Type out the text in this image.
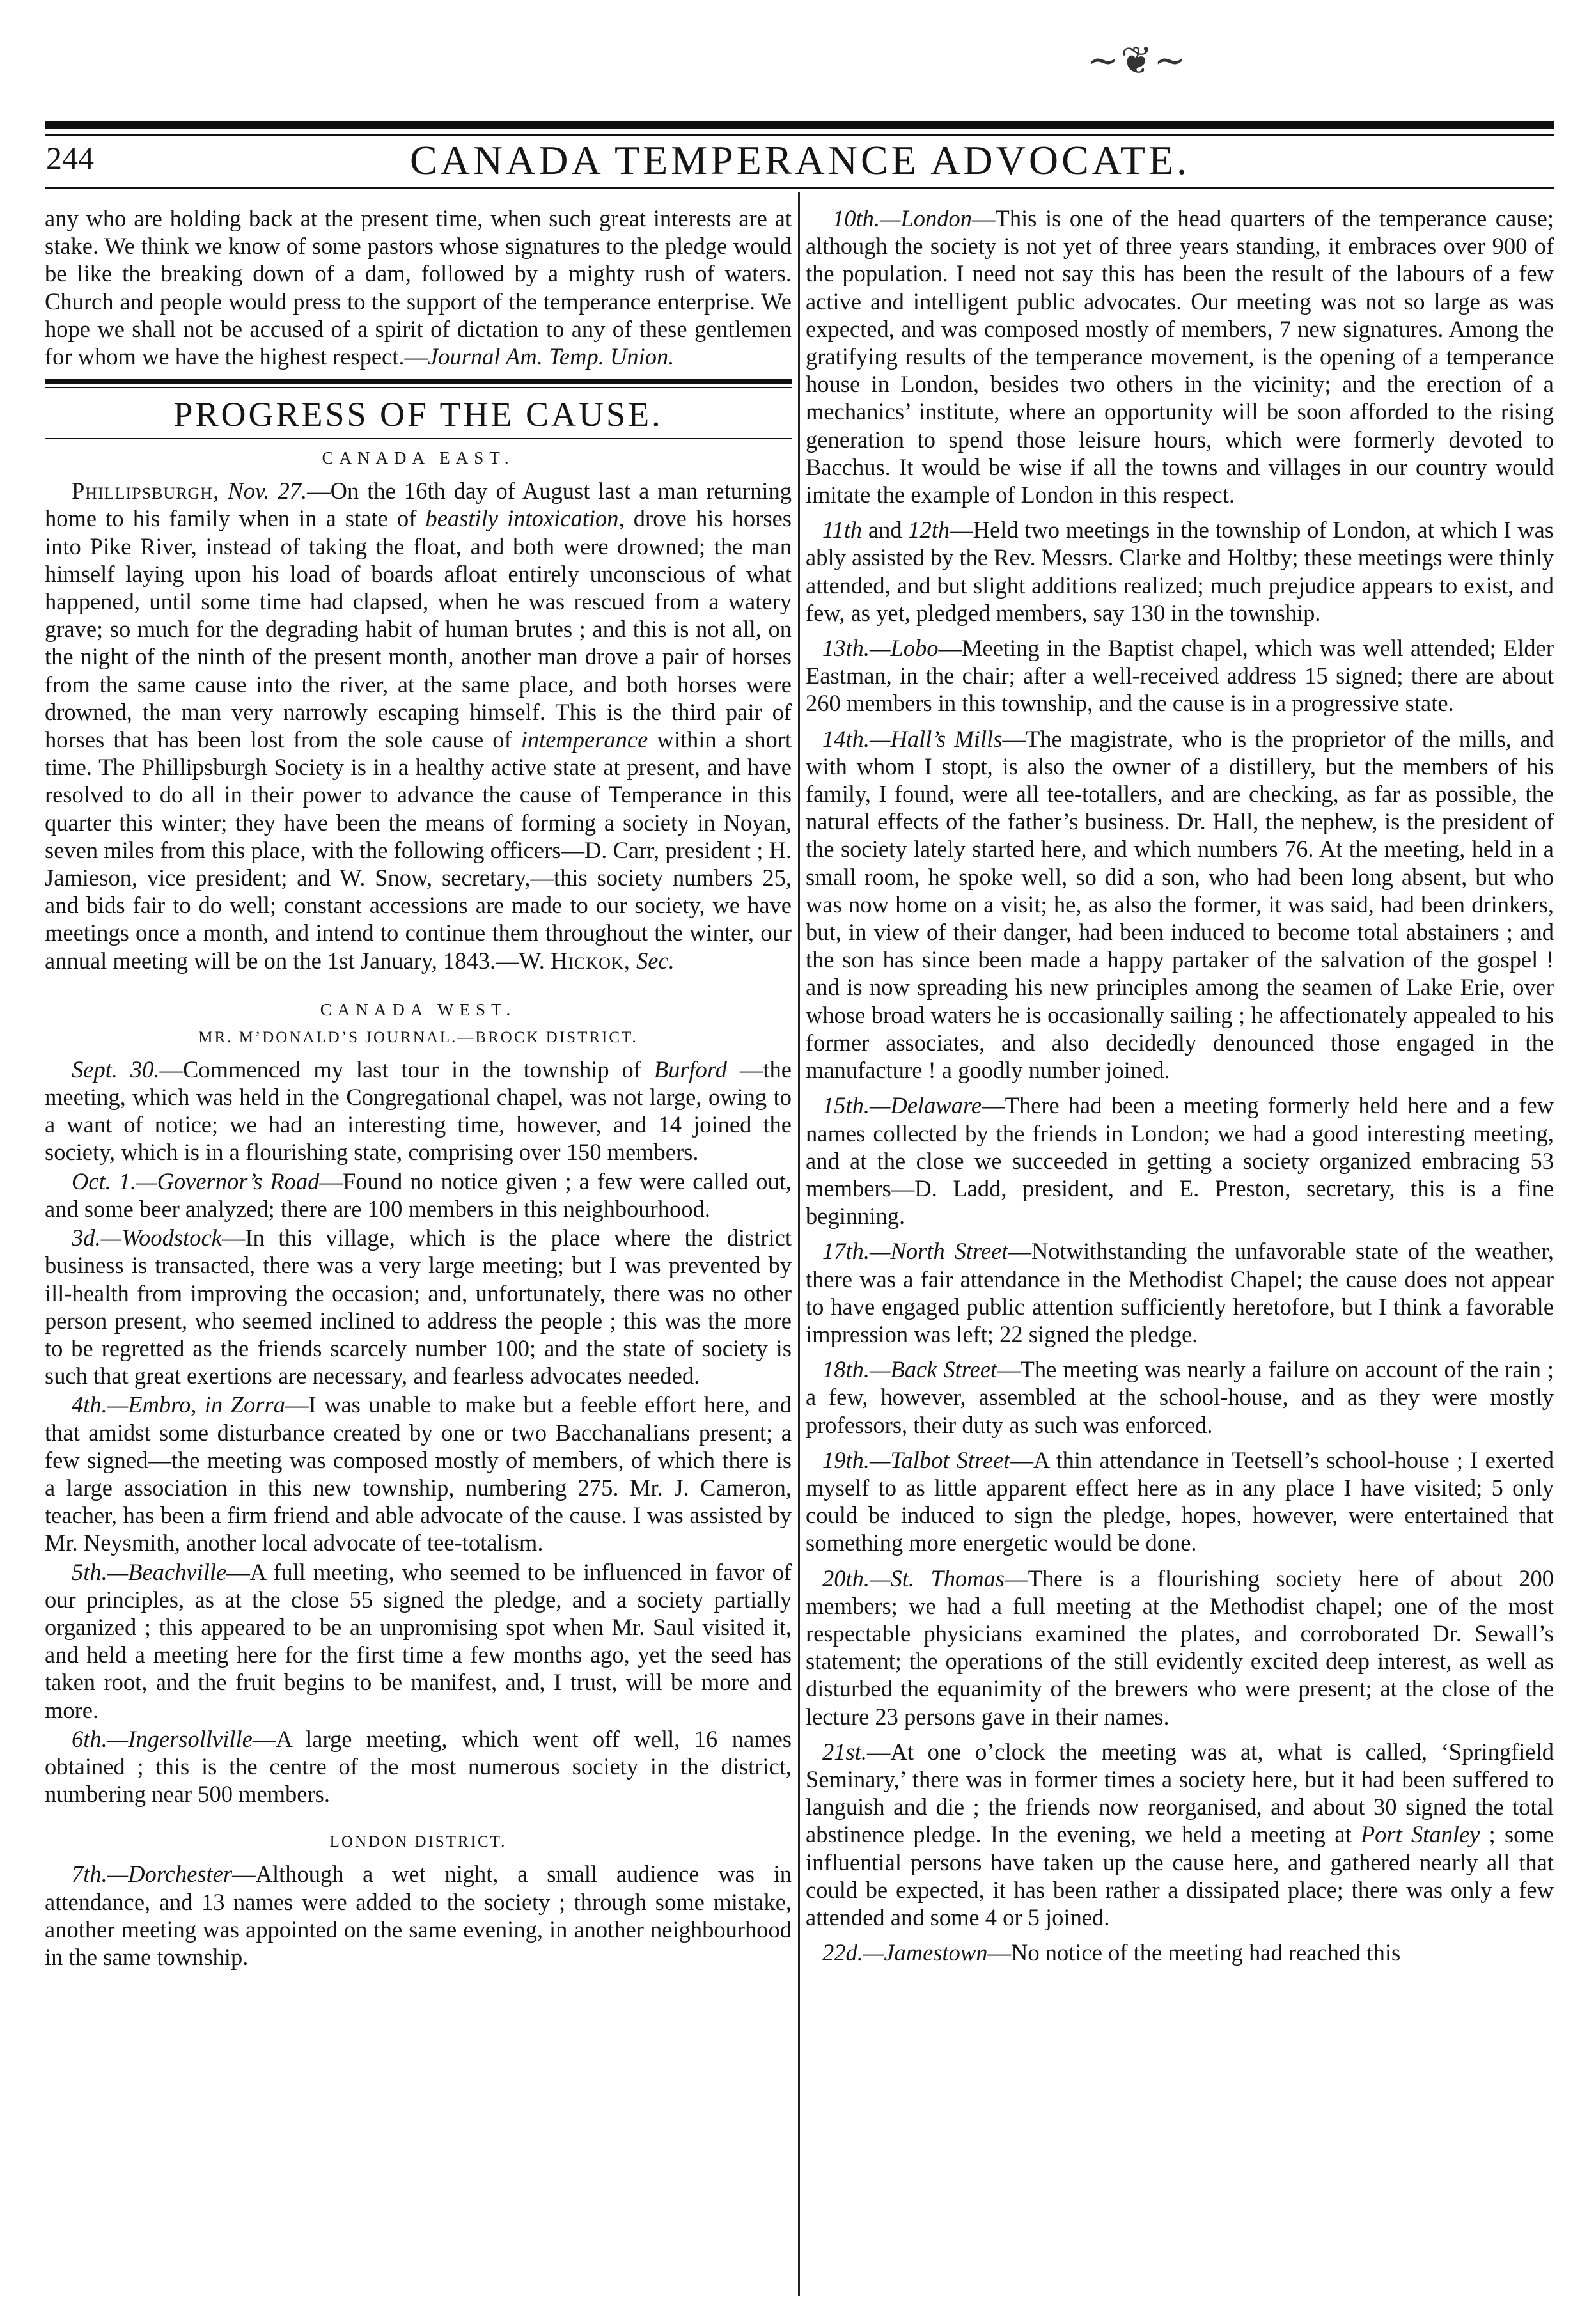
~❦~
244	CANADA TEMPERANCE ADVOCATE.

any who are holding back at the present time, when such great interests are at stake. We think we know of some pastors whose signatures to the pledge would be like the breaking down of a dam, followed by a mighty rush of waters. Church and people would press to the support of the temperance enterprise. We hope we shall not be accused of a spirit of dictation to any of these gentlemen for whom we have the highest respect.—Journal Am. Temp. Union.

PROGRESS OF THE CAUSE.
CANADA EAST.

Phillipsburgh, Nov. 27.—On the 16th day of August last a man returning home to his family when in a state of beastily intoxication, drove his horses into Pike River, instead of taking the float, and both were drowned; the man himself laying upon his load of boards afloat entirely unconscious of what happened, until some time had clapsed, when he was rescued from a watery grave; so much for the degrading habit of human brutes ; and this is not all, on the night of the ninth of the present month, another man drove a pair of horses from the same cause into the river, at the same place, and both horses were drowned, the man very narrowly escaping himself. This is the third pair of horses that has been lost from the sole cause of intemperance within a short time. The Phillipsburgh Society is in a healthy active state at present, and have resolved to do all in their power to advance the cause of Temperance in this quarter this winter; they have been the means of forming a society in Noyan, seven miles from this place, with the following officers—D. Carr, president ; H. Jamieson, vice president; and W. Snow, secretary,—this society numbers 25, and bids fair to do well; constant accessions are made to our society, we have meetings once a month, and intend to continue them throughout the winter, our annual meeting will be on the 1st January, 1843.—W. Hickok, Sec.

CANADA WEST.
MR. M’DONALD’S JOURNAL.—BROCK DISTRICT.

Sept. 30.—Commenced my last tour in the township of Burford —the meeting, which was held in the Congregational chapel, was not large, owing to a want of notice; we had an interesting time, however, and 14 joined the society, which is in a flourishing state, comprising over 150 members.

Oct. 1.—Governor’s Road—Found no notice given ; a few were called out, and some beer analyzed; there are 100 members in this neighbourhood.

3d.—Woodstock—In this village, which is the place where the district business is transacted, there was a very large meeting; but I was prevented by ill-health from improving the occasion; and, unfortunately, there was no other person present, who seemed inclined to address the people ; this was the more to be regretted as the friends scarcely number 100; and the state of society is such that great exertions are necessary, and fearless advocates needed.

4th.—Embro, in Zorra—I was unable to make but a feeble effort here, and that amidst some disturbance created by one or two Bacchanalians present; a few signed—the meeting was composed mostly of members, of which there is a large association in this new township, numbering 275. Mr. J. Cameron, teacher, has been a firm friend and able advocate of the cause. I was assisted by Mr. Neysmith, another local advocate of tee-totalism.

5th.—Beachville—A full meeting, who seemed to be influenced in favor of our principles, as at the close 55 signed the pledge, and a society partially organized ; this appeared to be an unpromising spot when Mr. Saul visited it, and held a meeting here for the first time a few months ago, yet the seed has taken root, and the fruit begins to be manifest, and, I trust, will be more and more.

6th.—Ingersollville—A large meeting, which went off well, 16 names obtained ; this is the centre of the most numerous society in the district, numbering near 500 members.

LONDON DISTRICT.

7th.—Dorchester—Although a wet night, a small audience was in attendance, and 13 names were added to the society ; through some mistake, another meeting was appointed on the same evening, in another neighbourhood in the same township.

10th.—London—This is one of the head quarters of the temperance cause; although the society is not yet of three years standing, it embraces over 900 of the population. I need not say this has been the result of the labours of a few active and intelligent public advocates. Our meeting was not so large as was expected, and was composed mostly of members, 7 new signatures. Among the gratifying results of the temperance movement, is the opening of a temperance house in London, besides two others in the vicinity; and the erection of a mechanics’ institute, where an opportunity will be soon afforded to the rising generation to spend those leisure hours, which were formerly devoted to Bacchus. It would be wise if all the towns and villages in our country would imitate the example of London in this respect.

11th and 12th—Held two meetings in the township of London, at which I was ably assisted by the Rev. Messrs. Clarke and Holtby; these meetings were thinly attended, and but slight additions realized; much prejudice appears to exist, and few, as yet, pledged members, say 130 in the township.

13th.—Lobo—Meeting in the Baptist chapel, which was well attended; Elder Eastman, in the chair; after a well-received address 15 signed; there are about 260 members in this township, and the cause is in a progressive state.

14th.—Hall’s Mills—The magistrate, who is the proprietor of the mills, and with whom I stopt, is also the owner of a distillery, but the members of his family, I found, were all tee-totallers, and are checking, as far as possible, the natural effects of the father’s business. Dr. Hall, the nephew, is the president of the society lately started here, and which numbers 76. At the meeting, held in a small room, he spoke well, so did a son, who had been long absent, but who was now home on a visit; he, as also the former, it was said, had been drinkers, but, in view of their danger, had been induced to become total abstainers ; and the son has since been made a happy partaker of the salvation of the gospel ! and is now spreading his new principles among the seamen of Lake Erie, over whose broad waters he is occasionally sailing ; he affectionately appealed to his former associates, and also decidedly denounced those engaged in the manufacture ! a goodly number joined.

15th.—Delaware—There had been a meeting formerly held here and a few names collected by the friends in London; we had a good interesting meeting, and at the close we succeeded in getting a society organized embracing 53 members—D. Ladd, president, and E. Preston, secretary, this is a fine beginning.

17th.—North Street—Notwithstanding the unfavorable state of the weather, there was a fair attendance in the Methodist Chapel; the cause does not appear to have engaged public attention sufficiently heretofore, but I think a favorable impression was left; 22 signed the pledge.

18th.—Back Street—The meeting was nearly a failure on account of the rain ; a few, however, assembled at the school-house, and as they were mostly professors, their duty as such was enforced.

19th.—Talbot Street—A thin attendance in Teetsell’s school-house ; I exerted myself to as little apparent effect here as in any place I have visited; 5 only could be induced to sign the pledge, hopes, however, were entertained that something more energetic would be done.

20th.—St. Thomas—There is a flourishing society here of about 200 members; we had a full meeting at the Methodist chapel; one of the most respectable physicians examined the plates, and corroborated Dr. Sewall’s statement; the operations of the still evidently excited deep interest, as well as disturbed the equanimity of the brewers who were present; at the close of the lecture 23 persons gave in their names.

21st.—At one o’clock the meeting was at, what is called, ‘Springfield Seminary,’ there was in former times a society here, but it had been suffered to languish and die ; the friends now reorganised, and about 30 signed the total abstinence pledge. In the evening, we held a meeting at Port Stanley ; some influential persons have taken up the cause here, and gathered nearly all that could be expected, it has been rather a dissipated place; there was only a few attended and some 4 or 5 joined.

22d.—Jamestown—No notice of the meeting had reached this
